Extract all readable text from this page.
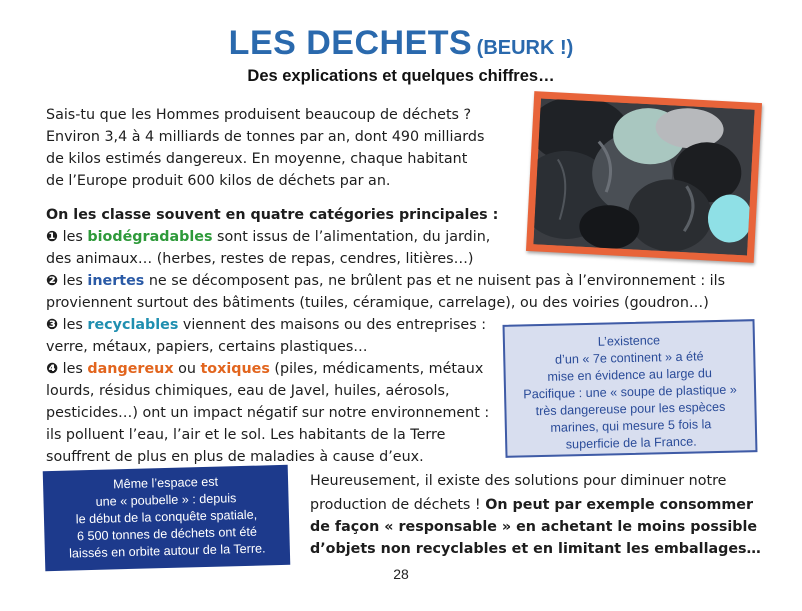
LES DECHETS (BEURK !)
Des explications et quelques chiffres…
Sais-tu que les Hommes produisent beaucoup de déchets ?
Environ 3,4 à 4 milliards de tonnes par an, dont 490 milliards
de kilos estimés dangereux. En moyenne, chaque habitant
de l’Europe produit 600 kilos de déchets par an.
On les classe souvent en quatre catégories principales :
❶ les biodégradables sont issus de l’alimentation, du jardin,
des animaux… (herbes, restes de repas, cendres, litières…)
❷ les inertes ne se décomposent pas, ne brûlent pas et ne nuisent pas à l’environnement : ils
proviennent surtout des bâtiments (tuiles, céramique, carrelage), ou des voiries (goudron…)
❸ les recyclables viennent des maisons ou des entreprises :
verre, métaux, papiers, certains plastiques…
❹ les dangereux ou toxiques (piles, médicaments, métaux
lourds, résidus chimiques, eau de Javel, huiles, aérosols,
pesticides…) ont un impact négatif sur notre environnement :
ils polluent l’eau, l’air et le sol. Les habitants de la Terre
souffrent de plus en plus de maladies à cause d’eux.
L’existence
d’un « 7e continent » a été
mise en évidence au large du
Pacifique : une « soupe de plastique »
très dangereuse pour les espèces
marines, qui mesure 5 fois la
superficie de la France.
Même l’espace est
une « poubelle » : depuis
le début de la conquête spatiale,
6 500 tonnes de déchets ont été
laissés en orbite autour de la Terre.
Heureusement, il existe des solutions pour diminuer notre
production de déchets ! On peut par exemple consommer
de façon « responsable » en achetant le moins possible
d’objets non recyclables et en limitant les emballages…
28
